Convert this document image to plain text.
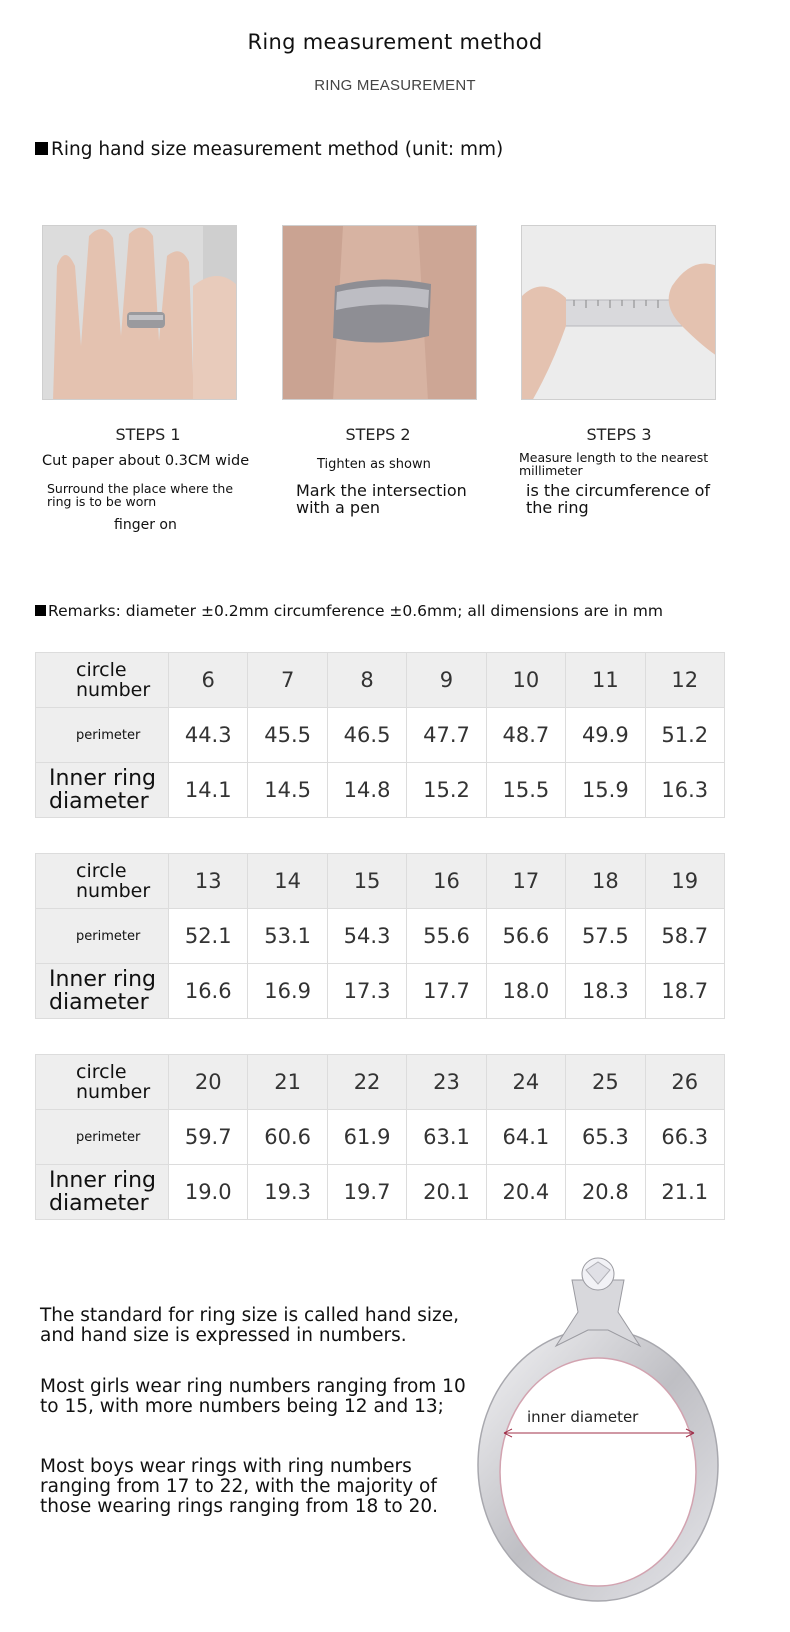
Ring measurement method
RING MEASUREMENT
Ring hand size measurement method (unit: mm)
STEPS 1
Cut paper about 0.3CM wide
Surround the place where the ring is to be worn
finger on
STEPS 2
Tighten as shown
Mark the intersection with a pen
STEPS 3
Measure length to the nearest millimeter
is the circumference of the ring
Remarks: diameter ±0.2mm circumference ±0.6mm; all dimensions are in mm
circle number	6	7	8	9	10	11	12

perimeter	44.3	45.5	46.5	47.7	48.7	49.9	51.2

Inner ring diameter	14.1	14.5	14.8	15.2	15.5	15.9	16.3
circle number	13	14	15	16	17	18	19

perimeter	52.1	53.1	54.3	55.6	56.6	57.5	58.7

Inner ring diameter	16.6	16.9	17.3	17.7	18.0	18.3	18.7
circle number	20	21	22	23	24	25	26

perimeter	59.7	60.6	61.9	63.1	64.1	65.3	66.3

Inner ring diameter	19.0	19.3	19.7	20.1	20.4	20.8	21.1
The standard for ring size is called hand size, and hand size is expressed in numbers.
Most girls wear ring numbers ranging from 10 to 15, with more numbers being 12 and 13;
Most boys wear rings with ring numbers ranging from 17 to 22, with the majority of those wearing rings ranging from 18 to 20.
inner diameter
